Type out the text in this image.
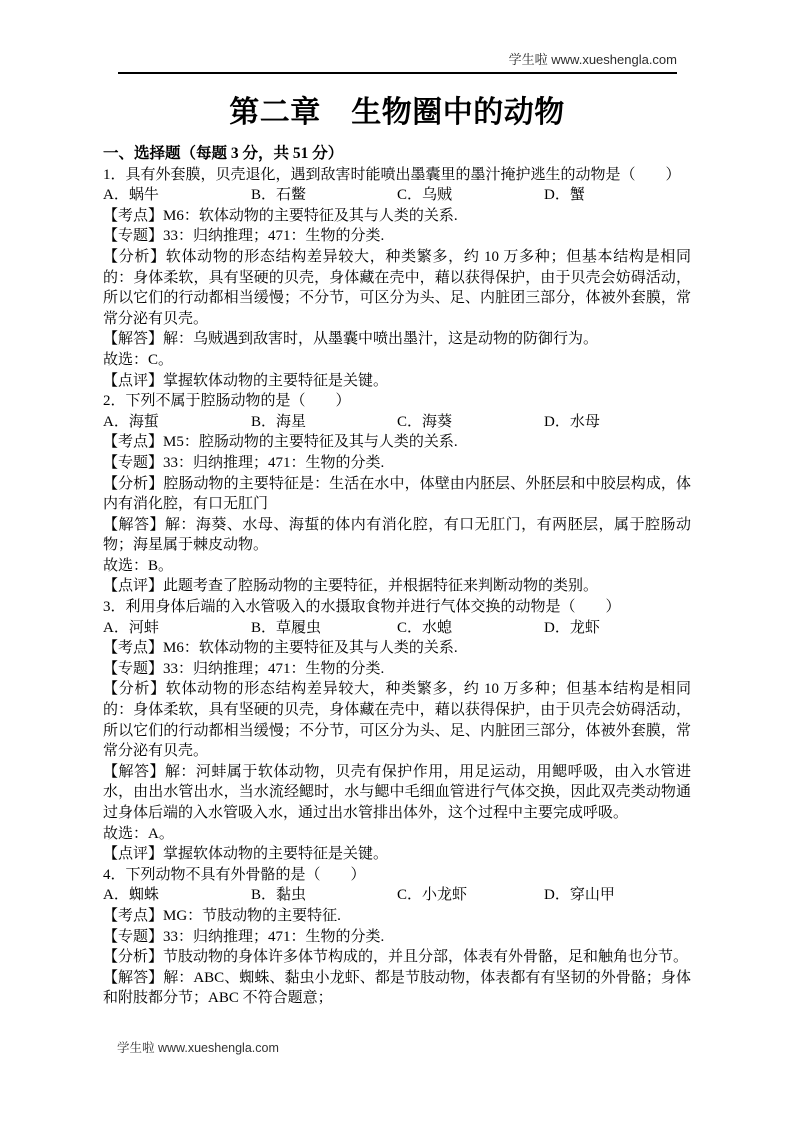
学生啦 www.xueshengla.com
第二章　生物圈中的动物
一、选择题（每题 3 分，共 51 分）

1．具有外套膜，贝壳退化，遇到敌害时能喷出墨囊里的墨汁掩护逃生的动物是（　　）

A．蜗牛	B．石鳖	C．乌贼	D．蟹

【考点】M6：软体动物的主要特征及其与人类的关系.

【专题】33：归纳推理；471：生物的分类.

【分析】软体动物的形态结构差异较大，种类繁多，约 10 万多种；但基本结构是相同的：身体柔软，具有坚硬的贝壳，身体藏在壳中，藉以获得保护，由于贝壳会妨碍活动，所以它们的行动都相当缓慢；不分节，可区分为头、足、内脏团三部分，体被外套膜，常常分泌有贝壳。

【解答】解：乌贼遇到敌害时，从墨囊中喷出墨汁，这是动物的防御行为。

故选：C。

【点评】掌握软体动物的主要特征是关键。

2．下列不属于腔肠动物的是（　　）

A．海蜇	B．海星	C．海葵	D．水母

【考点】M5：腔肠动物的主要特征及其与人类的关系.

【专题】33：归纳推理；471：生物的分类.

【分析】腔肠动物的主要特征是：生活在水中，体壁由内胚层、外胚层和中胶层构成，体内有消化腔，有口无肛门

【解答】解：海葵、水母、海蜇的体内有消化腔，有口无肛门，有两胚层，属于腔肠动物；海星属于棘皮动物。

故选：B。

【点评】此题考查了腔肠动物的主要特征，并根据特征来判断动物的类别。

3．利用身体后端的入水管吸入的水摄取食物并进行气体交换的动物是（　　）

A．河蚌	B．草履虫	C．水螅	D．龙虾

【考点】M6：软体动物的主要特征及其与人类的关系.

【专题】33：归纳推理；471：生物的分类.

【分析】软体动物的形态结构差异较大，种类繁多，约 10 万多种；但基本结构是相同的：身体柔软，具有坚硬的贝壳，身体藏在壳中，藉以获得保护，由于贝壳会妨碍活动，所以它们的行动都相当缓慢；不分节，可区分为头、足、内脏团三部分，体被外套膜，常常分泌有贝壳。

【解答】解：河蚌属于软体动物，贝壳有保护作用，用足运动，用鳃呼吸，由入水管进水，由出水管出水，当水流经鳃时，水与鳃中毛细血管进行气体交换，因此双壳类动物通过身体后端的入水管吸入水，通过出水管排出体外，这个过程中主要完成呼吸。

故选：A。

【点评】掌握软体动物的主要特征是关键。

4．下列动物不具有外骨骼的是（　　）

A．蜘蛛	B．黏虫	C．小龙虾	D．穿山甲

【考点】MG：节肢动物的主要特征.

【专题】33：归纳推理；471：生物的分类.

【分析】节肢动物的身体许多体节构成的，并且分部，体表有外骨骼，足和触角也分节。

【解答】解：ABC、蜘蛛、黏虫小龙虾、都是节肢动物，体表都有有坚韧的外骨骼；身体和附肢都分节；ABC 不符合题意；

学生啦 www.xueshengla.com
